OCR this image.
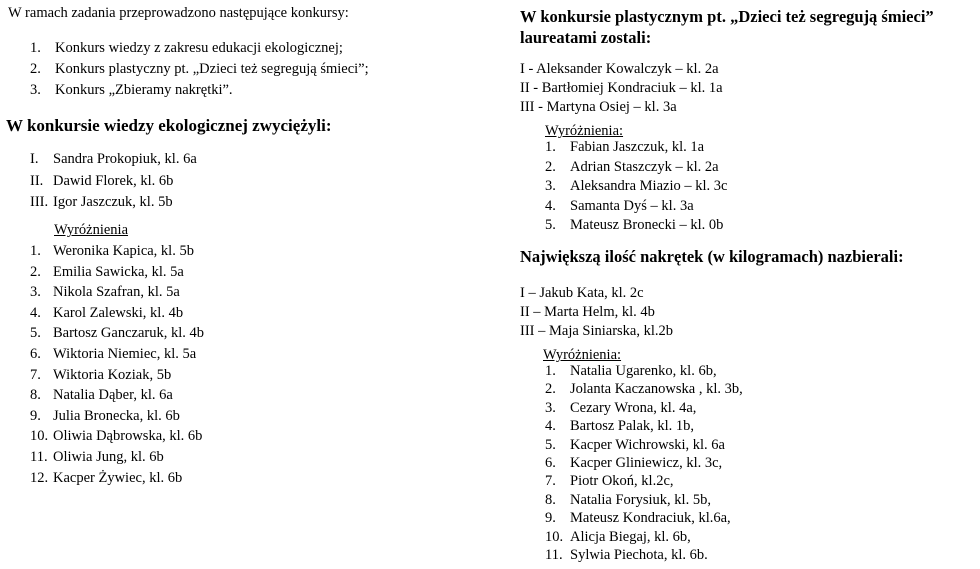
W ramach zadania przeprowadzono następujące konkursy:
1. Konkurs wiedzy z zakresu edukacji ekologicznej;
2. Konkurs plastyczny pt. „Dzieci też segregują śmieci”;
3. Konkurs „Zbieramy nakrętki”.
W konkursie wiedzy ekologicznej zwyciężyli:
I. Sandra Prokopiuk, kl. 6a
II. Dawid Florek, kl. 6b
III. Igor Jaszczuk, kl. 5b
Wyróżnienia
1. Weronika Kapica, kl. 5b
2. Emilia Sawicka, kl. 5a
3. Nikola Szafran, kl. 5a
4. Karol Zalewski, kl. 4b
5. Bartosz Ganczaruk, kl. 4b
6. Wiktoria Niemiec, kl. 5a
7. Wiktoria Koziak, 5b
8. Natalia Dąber, kl. 6a
9. Julia Bronecka, kl. 6b
10. Oliwia Dąbrowska, kl. 6b
11. Oliwia Jung, kl. 6b
12. Kacper Żywiec, kl. 6b
W konkursie plastycznym pt. „Dzieci też segregują śmieci”
laureatami zostali:
I - Aleksander Kowalczyk – kl. 2a
II - Bartłomiej Kondraciuk – kl. 1a
III - Martyna Osiej – kl. 3a
Wyróżnienia:
1. Fabian Jaszczuk, kl. 1a
2. Adrian Staszczyk – kl. 2a
3. Aleksandra Miazio – kl. 3c
4. Samanta Dyś – kl. 3a
5. Mateusz Bronecki – kl. 0b
Największą ilość nakrętek (w kilogramach) nazbierali:
I – Jakub Kata, kl. 2c
II – Marta Helm, kl. 4b
III – Maja Siniarska, kl.2b
Wyróżnienia:
1. Natalia Ugarenko, kl. 6b,
2. Jolanta Kaczanowska , kl. 3b,
3. Cezary Wrona, kl. 4a,
4. Bartosz Palak, kl. 1b,
5. Kacper Wichrowski, kl. 6a
6. Kacper Gliniewicz, kl. 3c,
7. Piotr Okoń, kl.2c,
8. Natalia Forysiuk, kl. 5b,
9. Mateusz Kondraciuk, kl.6a,
10. Alicja Biegaj, kl. 6b,
11. Sylwia Piechota, kl. 6b.
